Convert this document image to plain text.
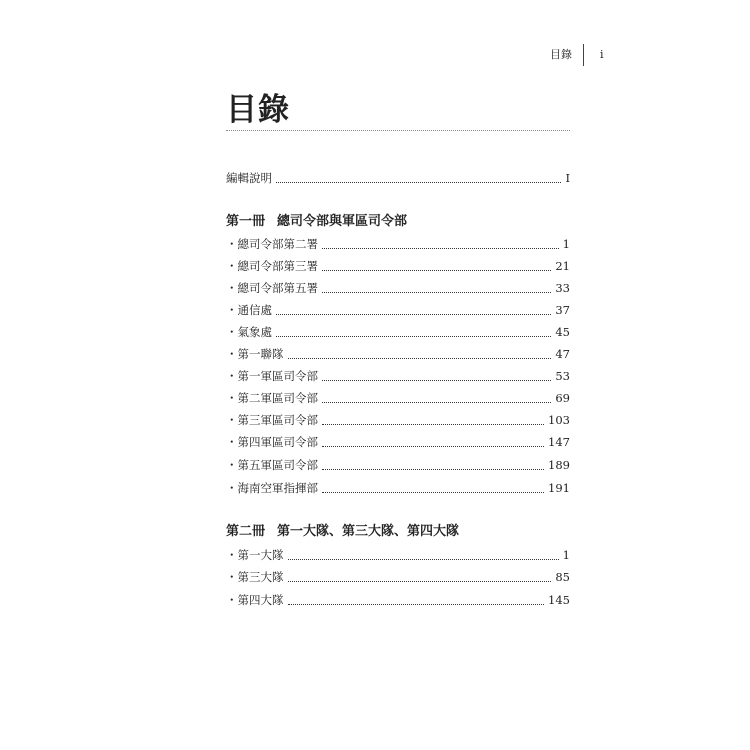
目錄	i
目錄
編輯說明	I
第一冊 總司令部與軍區司令部
・總司令部第二署	1
・總司令部第三署	21
・總司令部第五署	33
・通信處	37
・氣象處	45
・第一聯隊	47
・第一軍區司令部	53
・第二軍區司令部	69
・第三軍區司令部	103
・第四軍區司令部	147
・第五軍區司令部	189
・海南空軍指揮部	191
第二冊 第一大隊、第三大隊、第四大隊
・第一大隊	1
・第三大隊	85
・第四大隊	145
